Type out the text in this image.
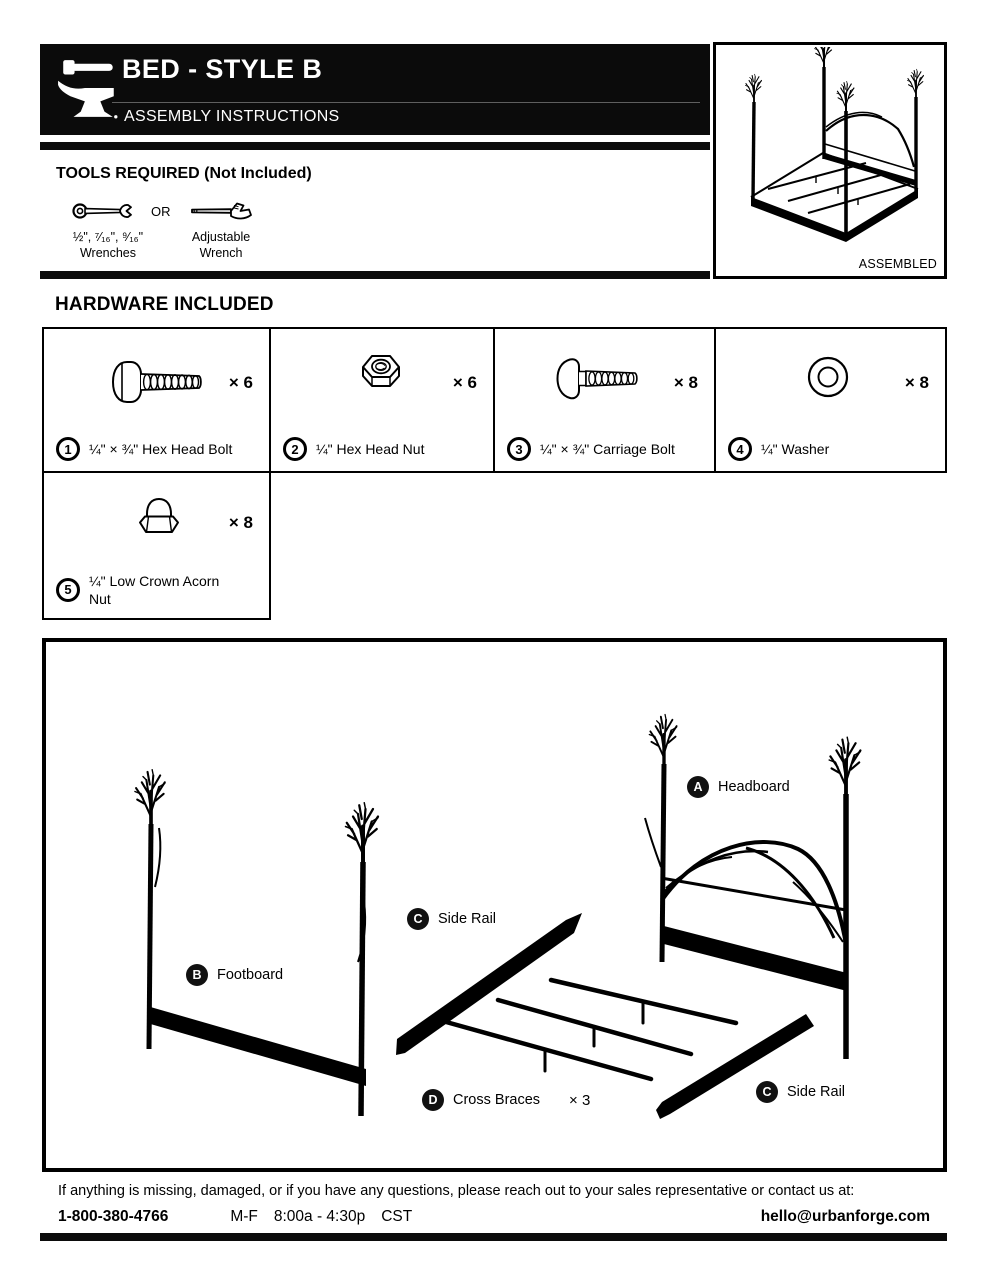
BED - STYLE B
ASSEMBLY INSTRUCTIONS
ASSEMBLED
TOOLS REQUIRED (Not Included)
OR
½", ⁷⁄₁₆", ⁹⁄₁₆"
Wrenches
Adjustable
Wrench
HARDWARE INCLUDED
× 6
1	¼" × ¾" Hex Head Bolt
× 6
2	¼" Hex Head Nut
× 8
3	¼" × ¾" Carriage Bolt
× 8
4	¼" Washer
× 8
5
¼" Low Crown Acorn Nut
A	Headboard
B	Footboard
C	Side Rail
C	Side Rail
D	Cross Braces × 3
If anything is missing, damaged, or if you have any questions, please reach out to your sales representative or contact us at:
1-800-380-4766	M-F 8:00a - 4:30p CST	hello@urbanforge.com
